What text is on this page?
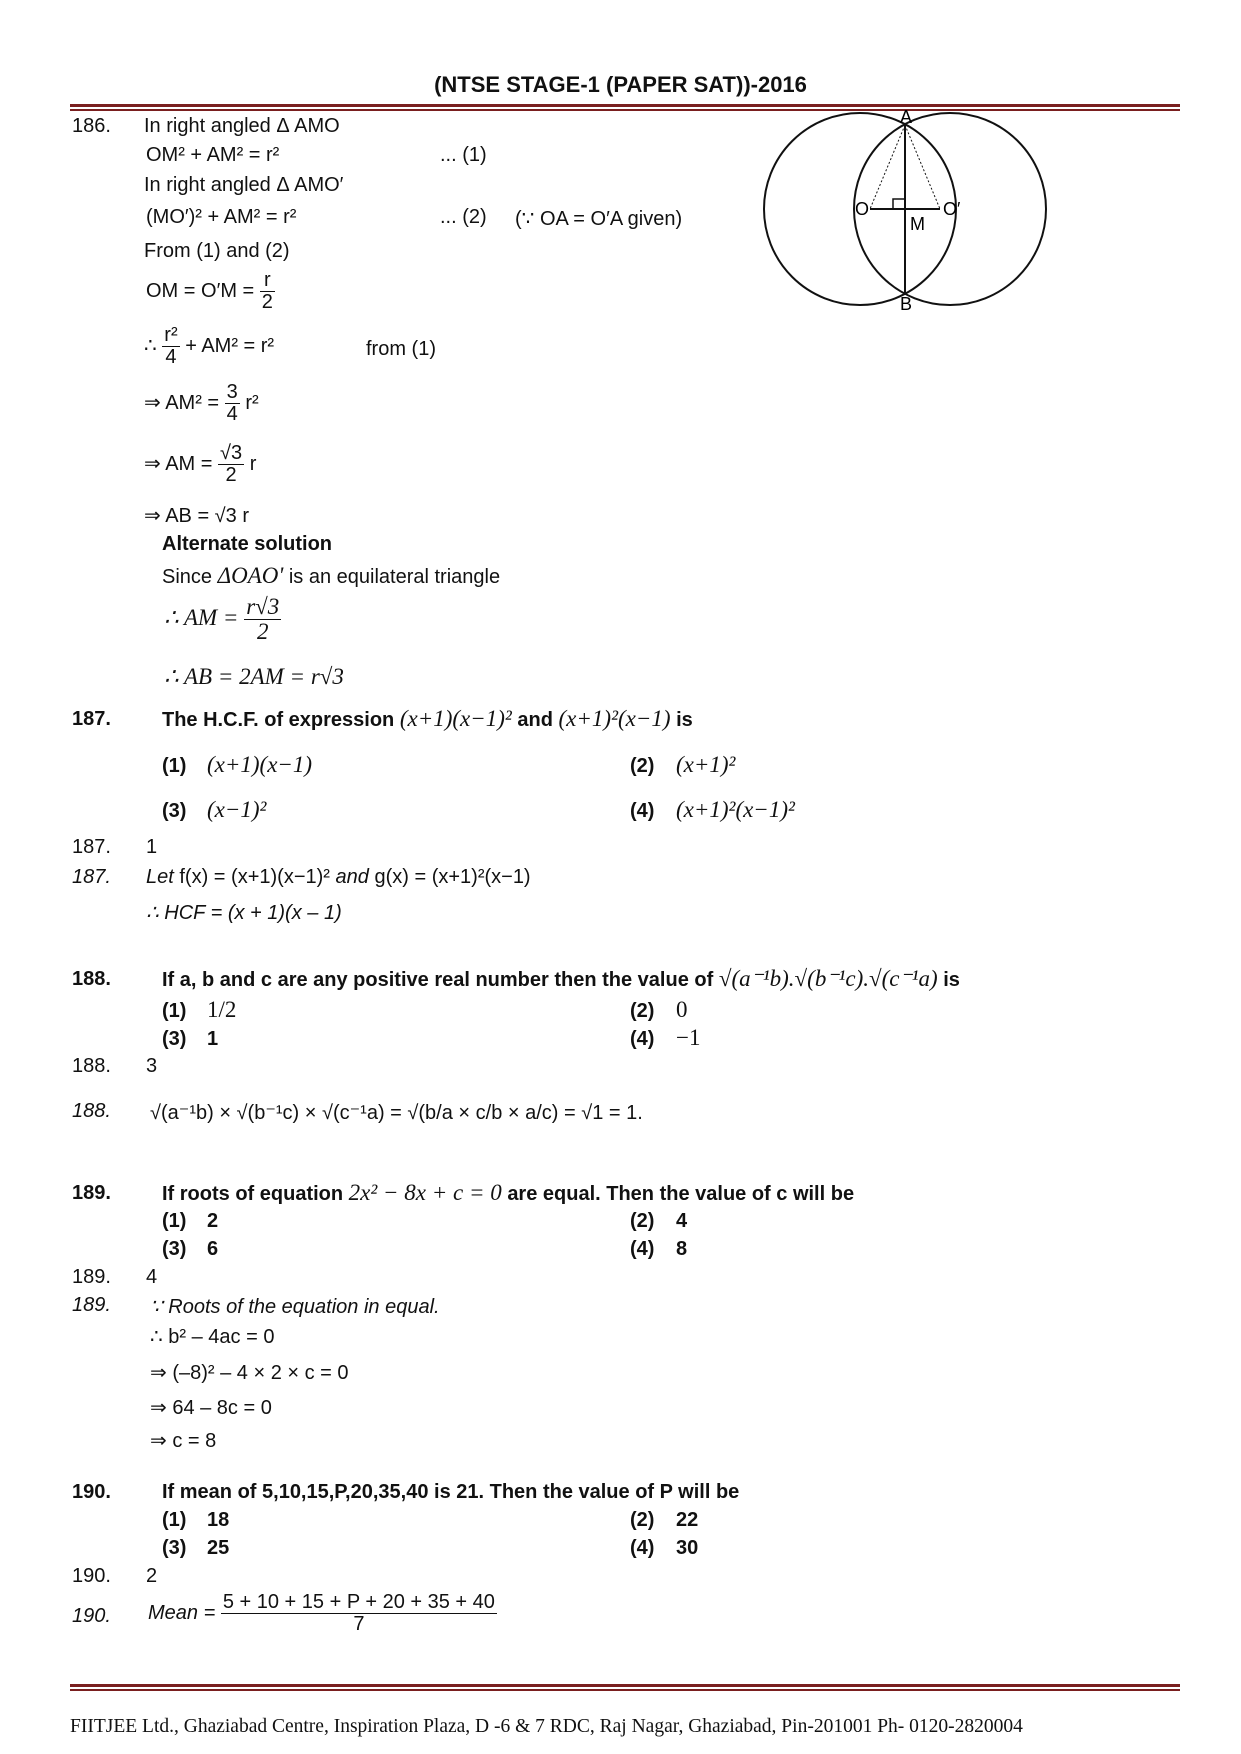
(NTSE STAGE-1 (PAPER SAT))-2016
186. In right angled Δ AMO
OM² + AM² = r²	... (1)
In right angled Δ AMO′
(MO′)² + AM² = r²	... (2) (∵ OA = O′A given)
From (1) and (2)
OM = $O'M = \frac{r}{2}$
∴ $\frac{\text{r²}}{4} + AM^2 = r^2$	from (1)
⇒ $AM^2 = \frac{3}{4} r^2$
⇒ AM = $\frac{√3}{2}$ r
⇒ AB = √3 r
Alternate solution
Since ΔOAO' is an equilateral triangle
∴ AM = $\frac{r√3}{2}$
∴ AB = 2AM = r√3
A
B
O	O′
M
187.	The H.C.F. of expression (x+1)(x−1)² and (x+1)²(x−1) is
(1) (x+1)(x−1)	(2) (x+1)²
(3) (x−1)²	(4) (x+1)²(x−1)²
187. 1
187. Let f(x) = (x+1)(x−1)² and g(x) = (x+1)²(x−1)
∴ HCF = (x + 1)(x – 1)
188.	If a, b and c are any positive real number then the value of √(a⁻¹b).√(b⁻¹c).√(c⁻¹a) is
(1) 1/2	(2) 0
(3) 1	(4) −1
188. 3
188. √(a⁻¹b) × √(b⁻¹c) × √(c⁻¹a) = √(b/a × c/b × a/c) = √1 = 1.
189.	If roots of equation 2x² − 8x + c = 0 are equal. Then the value of c will be
(1) 2	(2) 4
(3) 6	(4) 8
189. 4
189. ∵ Roots of the equation in equal.
∴ b² – 4ac = 0
⇒ (–8)² – 4 × 2 × c = 0
⇒ 64 – 8c = 0
⇒ c = 8
190.	If mean of 5,10,15,P,20,35,40 is 21. Then the value of P will be
(1) 18	(2) 22
(3) 25	(4) 30
190. 2
190. Mean = $\frac{5 + 10 + 15 + P + 20 + 35 + 40}{7}$
FIITJEE Ltd., Ghaziabad Centre, Inspiration Plaza, D -6 & 7 RDC, Raj Nagar, Ghaziabad, Pin-201001 Ph- 0120-2820004
